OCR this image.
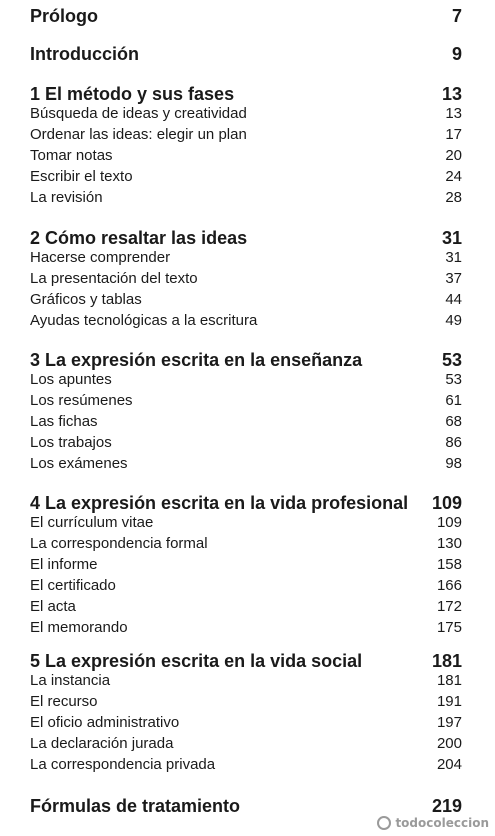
Prólogo	7
Introducción	9
1 El método y sus fases	13
Búsqueda de ideas y creatividad	13
Ordenar las ideas: elegir un plan	17
Tomar notas	20
Escribir el texto	24
La revisión	28
2 Cómo resaltar las ideas	31
Hacerse comprender	31
La presentación del texto	37
Gráficos y tablas	44
Ayudas tecnológicas a la escritura	49
3 La expresión escrita en la enseñanza	53
Los apuntes	53
Los resúmenes	61
Las fichas	68
Los trabajos	86
Los exámenes	98
4 La expresión escrita en la vida profesional 109
El currículum vitae	109
La correspondencia formal	130
El informe	158
El certificado	166
El acta	172
El memorando	175
5 La expresión escrita en la vida social	181
La instancia	181
El recurso	191
El oficio administrativo	197
La declaración jurada	200
La correspondencia privada	204
Fórmulas de tratamiento	219
todocoleccion
